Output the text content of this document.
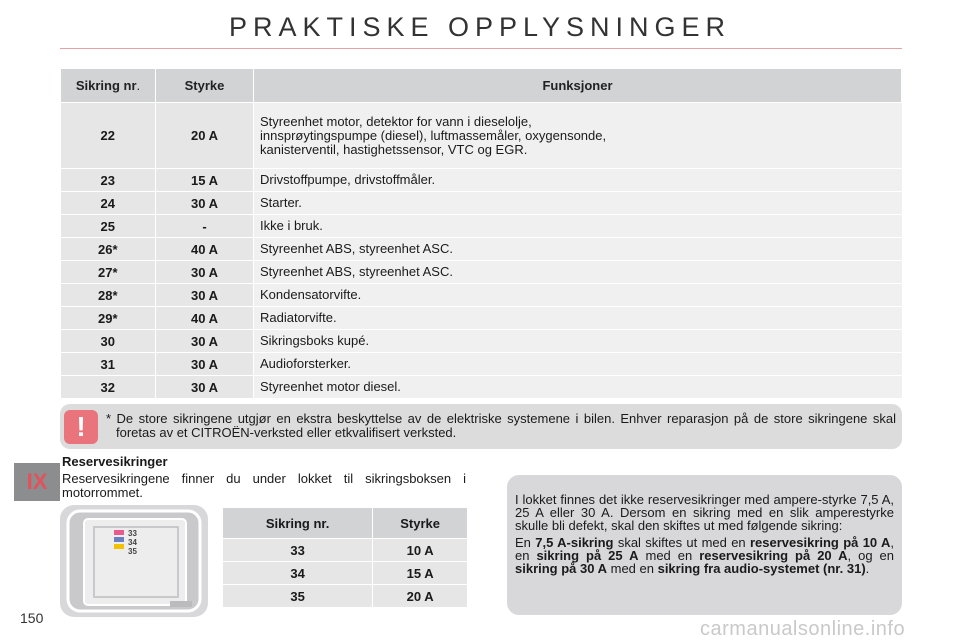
PRAKTISKE OPPLYSNINGER
Sikring nr.	Styrke	Funksjoner
22	20 A	Styreenhet motor, detektor for vann i dieselolje,
innsprøytingspumpe (diesel), luftmassemåler, oxygensonde,
kanisterventil, hastighetssensor, VTC og EGR.

23	15 A	Drivstoffpumpe, drivstoffmåler.

24	30 A	Starter.

25	-	Ikke i bruk.

26*	40 A	Styreenhet ABS, styreenhet ASC.

27*	30 A	Styreenhet ABS, styreenhet ASC.

28*	30 A	Kondensatorvifte.

29*	40 A	Radiatorvifte.

30	30 A	Sikringsboks kupé.

31	30 A	Audioforsterker.

32	30 A	Styreenhet motor diesel.
!	* De store sikringene utgjør en ekstra beskyttelse av de elektriske systemene i bilen. Enhver reparasjon på de store sikringene skal foretas av et CITROËN-verksted eller etkvalifisert verksted.
IX
Reservesikringer
Reservesikringene finner du under lokket til sikringsboksen i motorrommet.
33
34
35
Sikring nr.	Styrke
33	10 A
34	15 A
35	20 A

I lokket finnes det ikke reservesikringer med ampere-styrke 7,5 A, 25 A eller 30 A. Dersom en sikring med en slik amperestyrke skulle bli defekt, skal den skiftes ut med følgende sikring:

En 7,5 A-sikring skal skiftes ut med en reservesikring på 10 A, en sikring på 25 A med en reservesikring på 20 A, og en sikring på 30 A med en sikring fra audio-systemet (nr. 31).

150	carmanualsonline.info
